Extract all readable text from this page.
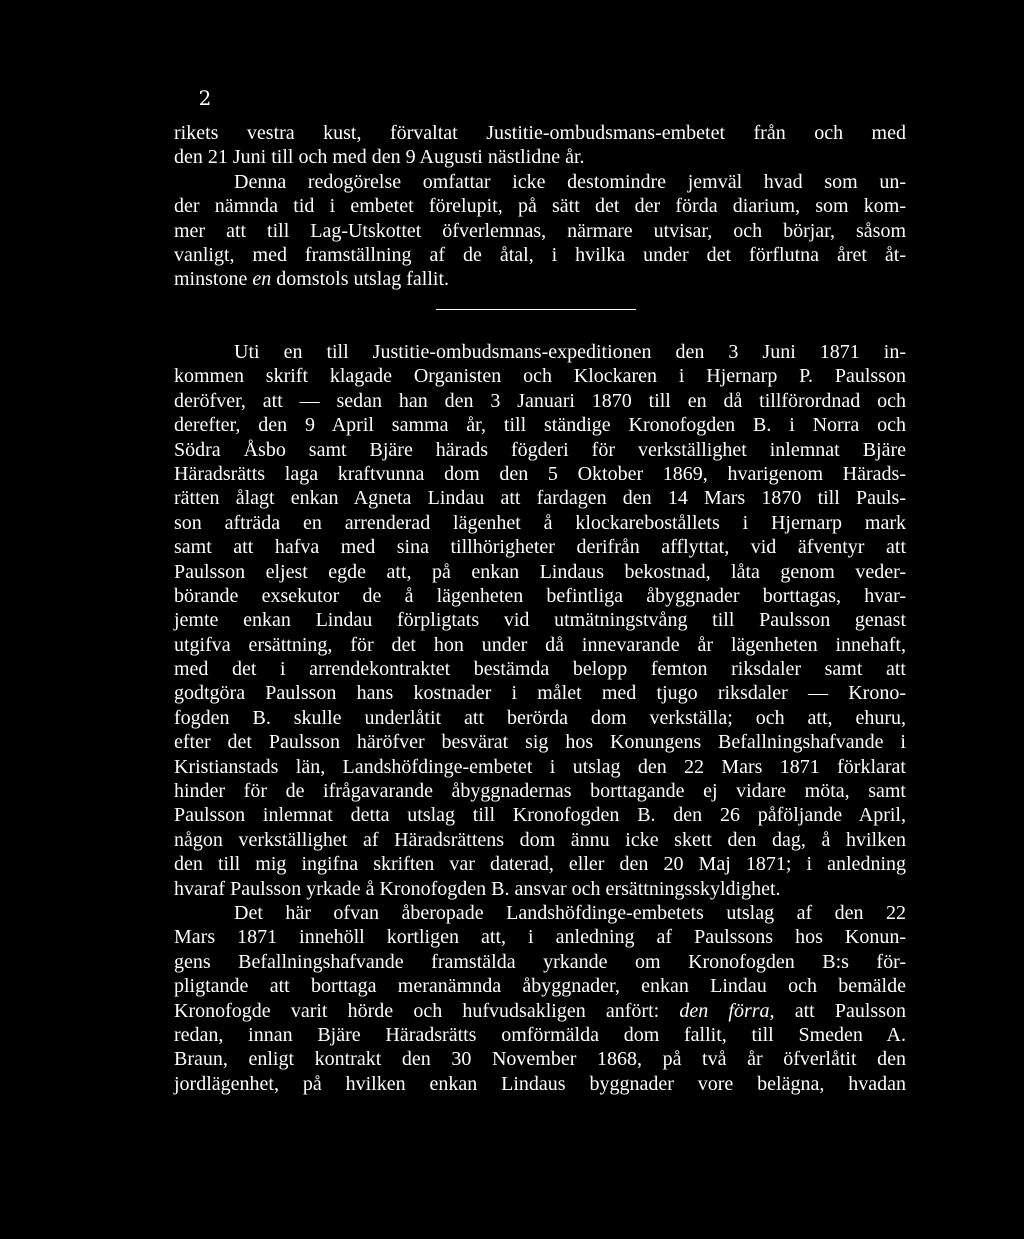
2
rikets vestra kust, förvaltat Justitie-ombudsmans-embetet från och med
den 21 Juni till och med den 9 Augusti nästlidne år.
Denna redogörelse omfattar icke destomindre jemväl hvad som un-
der nämnda tid i embetet förelupit, på sätt det der förda diarium, som kom-
mer att till Lag-Utskottet öfverlemnas, närmare utvisar, och börjar, såsom
vanligt, med framställning af de åtal, i hvilka under det förflutna året åt-
minstone en domstols utslag fallit.
Uti en till Justitie-ombudsmans-expeditionen den 3 Juni 1871 in-
kommen skrift klagade Organisten och Klockaren i Hjernarp P. Paulsson
deröfver, att — sedan han den 3 Januari 1870 till en då tillförordnad och
derefter, den 9 April samma år, till ständige Kronofogden B. i Norra och
Södra Åsbo samt Bjäre härads fögderi för verkställighet inlemnat Bjäre
Häradsrätts laga kraftvunna dom den 5 Oktober 1869, hvarigenom Härads-
rätten ålagt enkan Agneta Lindau att fardagen den 14 Mars 1870 till Pauls-
son afträda en arrenderad lägenhet å klockarebostållets i Hjernarp mark
samt att hafva med sina tillhörigheter derifrån afflyttat, vid äfventyr att
Paulsson eljest egde att, på enkan Lindaus bekostnad, låta genom veder-
börande exsekutor de å lägenheten befintliga åbyggnader borttagas, hvar-
jemte enkan Lindau förpligtats vid utmätningstvång till Paulsson genast
utgifva ersättning, för det hon under då innevarande år lägenheten innehaft,
med det i arrendekontraktet bestämda belopp femton riksdaler samt att
godtgöra Paulsson hans kostnader i målet med tjugo riksdaler — Krono-
fogden B. skulle underlåtit att berörda dom verkställa; och att, ehuru,
efter det Paulsson häröfver besvärat sig hos Konungens Befallningshafvande i
Kristianstads län, Landshöfdinge-embetet i utslag den 22 Mars 1871 förklarat
hinder för de ifrågavarande åbyggnadernas borttagande ej vidare möta, samt
Paulsson inlemnat detta utslag till Kronofogden B. den 26 påföljande April,
någon verkställighet af Häradsrättens dom ännu icke skett den dag, å hvilken
den till mig ingifna skriften var daterad, eller den 20 Maj 1871; i anledning
hvaraf Paulsson yrkade å Kronofogden B. ansvar och ersättningsskyldighet.
Det här ofvan åberopade Landshöfdinge-embetets utslag af den 22
Mars 1871 innehöll kortligen att, i anledning af Paulssons hos Konun-
gens Befallningshafvande framstälda yrkande om Kronofogden B:s för-
pligtande att borttaga meranämnda åbyggnader, enkan Lindau och bemälde
Kronofogde varit hörde och hufvudsakligen anfört: den förra, att Paulsson
redan, innan Bjäre Häradsrätts omförmälda dom fallit, till Smeden A.
Braun, enligt kontrakt den 30 November 1868, på två år öfverlåtit den
jordlägenhet, på hvilken enkan Lindaus byggnader vore belägna, hvadan
